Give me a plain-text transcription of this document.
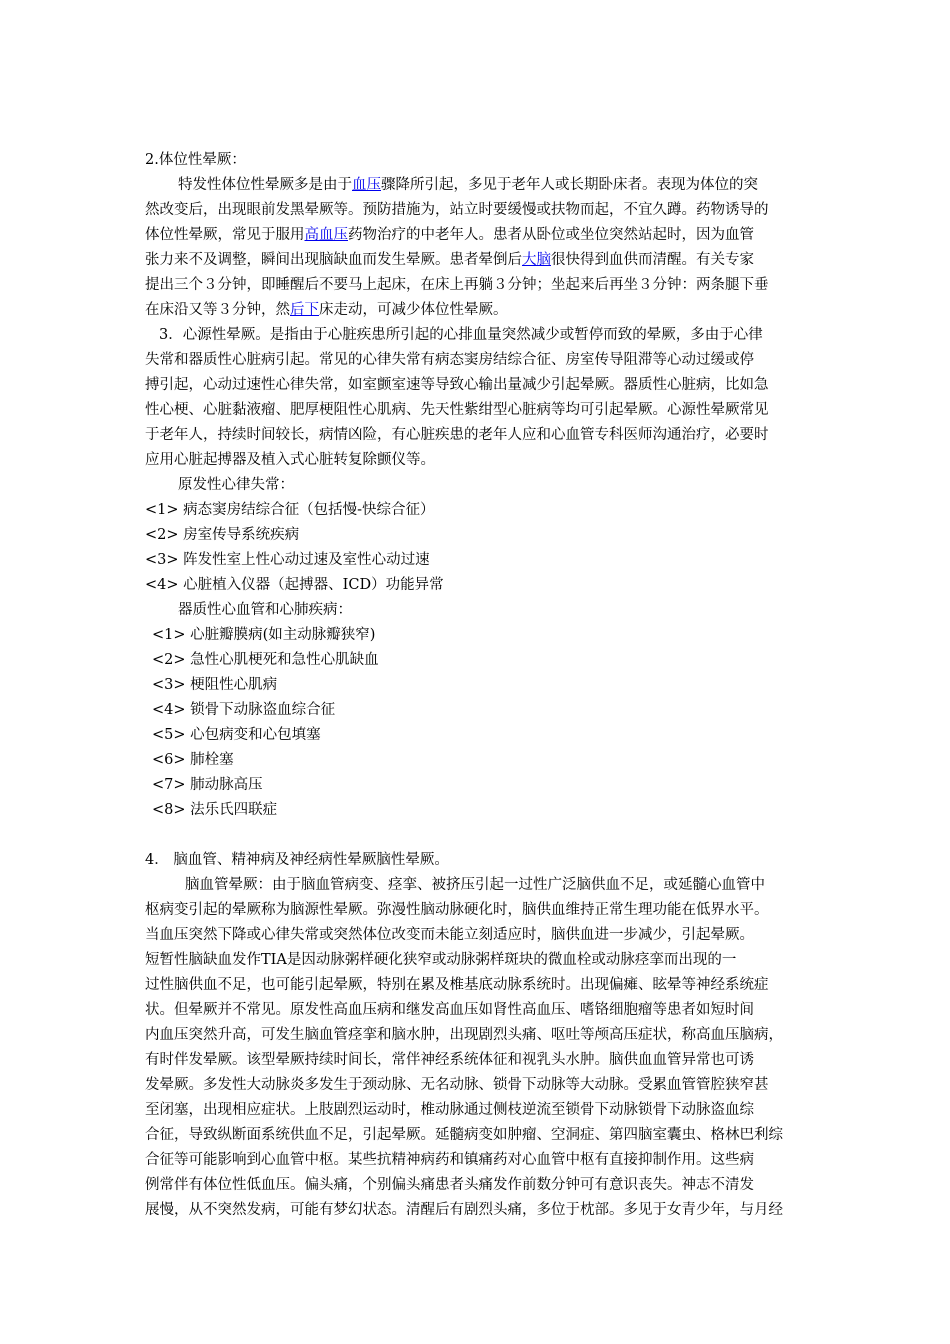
2.体位性晕厥：
特发性体位性晕厥多是由于血压骤降所引起，多见于老年人或长期卧床者。表现为体位的突
然改变后，出现眼前发黑晕厥等。预防措施为，站立时要缓慢或扶物而起，不宜久蹲。药物诱导的
体位性晕厥，常见于服用高血压药物治疗的中老年人。患者从卧位或坐位突然站起时，因为血管
张力来不及调整，瞬间出现脑缺血而发生晕厥。患者晕倒后大脑很快得到血供而清醒。有关专家
提出三个３分钟，即睡醒后不要马上起床，在床上再躺３分钟；坐起来后再坐３分钟：两条腿下垂
在床沿又等３分钟，然后下床走动，可减少体位性晕厥。
3．心源性晕厥。是指由于心脏疾患所引起的心排血量突然减少或暂停而致的晕厥，多由于心律
失常和器质性心脏病引起。常见的心律失常有病态窦房结综合征、房室传导阻滞等心动过缓或停
搏引起，心动过速性心律失常，如室颤室速等导致心输出量减少引起晕厥。器质性心脏病，比如急
性心梗、心脏黏液瘤、肥厚梗阻性心肌病、先天性紫绀型心脏病等均可引起晕厥。心源性晕厥常见
于老年人，持续时间较长，病情凶险，有心脏疾患的老年人应和心血管专科医师沟通治疗，必要时
应用心脏起搏器及植入式心脏转复除颤仪等。
原发性心律失常：
<1> 病态窦房结综合征（包括慢-快综合征）
<2> 房室传导系统疾病
<3> 阵发性室上性心动过速及室性心动过速
<4> 心脏植入仪器（起搏器、ICD）功能异常
器质性心血管和心肺疾病：
<1> 心脏瓣膜病(如主动脉瓣狭窄)
<2> 急性心肌梗死和急性心肌缺血
<3> 梗阻性心肌病
<4> 锁骨下动脉盗血综合征
<5> 心包病变和心包填塞
<6> 肺栓塞
<7> 肺动脉高压
<8> 法乐氏四联症
4． 脑血管、精神病及神经病性晕厥脑性晕厥。
脑血管晕厥：由于脑血管病变、痉挛、被挤压引起一过性广泛脑供血不足，或延髓心血管中
枢病变引起的晕厥称为脑源性晕厥。弥漫性脑动脉硬化时，脑供血维持正常生理功能在低界水平。
当血压突然下降或心律失常或突然体位改变而未能立刻适应时，脑供血进一步减少，引起晕厥。
短暂性脑缺血发作TIA是因动脉粥样硬化狭窄或动脉粥样斑块的微血栓或动脉痉挛而出现的一
过性脑供血不足，也可能引起晕厥，特别在累及椎基底动脉系统时。出现偏瘫、眩晕等神经系统症
状。但晕厥并不常见。原发性高血压病和继发高血压如肾性高血压、嗜铬细胞瘤等患者如短时间
内血压突然升高，可发生脑血管痉挛和脑水肿，出现剧烈头痛、呕吐等颅高压症状，称高血压脑病，
有时伴发晕厥。该型晕厥持续时间长，常伴神经系统体征和视乳头水肿。脑供血血管异常也可诱
发晕厥。多发性大动脉炎多发生于颈动脉、无名动脉、锁骨下动脉等大动脉。受累血管管腔狭窄甚
至闭塞，出现相应症状。上肢剧烈运动时，椎动脉通过侧枝逆流至锁骨下动脉锁骨下动脉盗血综
合征，导致纵断面系统供血不足，引起晕厥。延髓病变如肿瘤、空洞症、第四脑室囊虫、格林巴利综
合征等可能影响到心血管中枢。某些抗精神病药和镇痛药对心血管中枢有直接抑制作用。这些病
例常伴有体位性低血压。偏头痛，个别偏头痛患者头痛发作前数分钟可有意识丧失。神志不清发
展慢，从不突然发病，可能有梦幻状态。清醒后有剧烈头痛，多位于枕部。多见于女青少年，与月经
